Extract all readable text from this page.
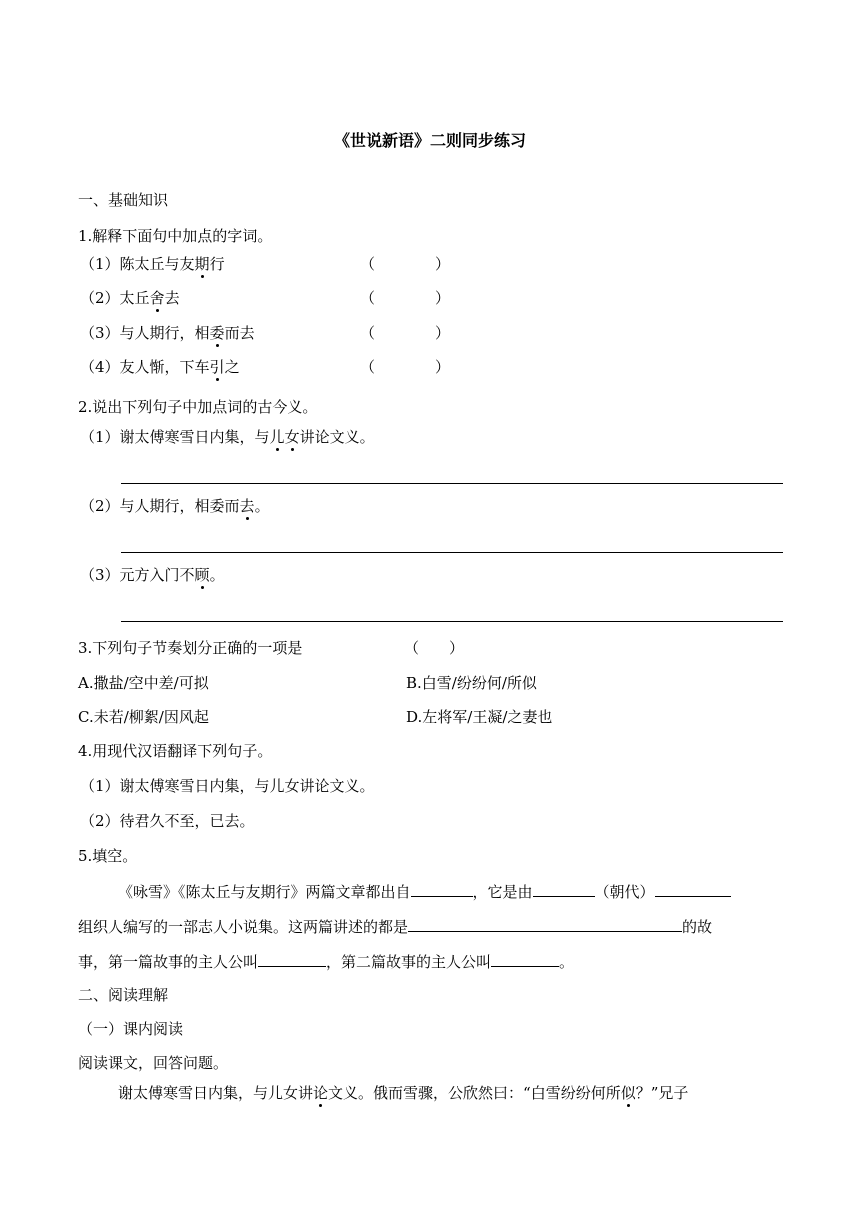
《世说新语》二则同步练习
一、基础知识
1.解释下面句中加点的字词。
（1）陈太丘与友期行	（　　　　）
（2）太丘舍去	（　　　　）
（3）与人期行，相委而去	（　　　　）
（4）友人惭，下车引之	（　　　　）
2.说出下列句子中加点词的古今义。
（1）谢太傅寒雪日内集，与儿女讲论文义。
（2）与人期行，相委而去。
（3）元方入门不顾。
3.下列句子节奏划分正确的一项是	（　　）
A.撒盐/空中差/可拟	B.白雪/纷纷何/所似
C.未若/柳絮/因风起	D.左将军/王凝/之妻也
4.用现代汉语翻译下列句子。
（1）谢太傅寒雪日内集，与儿女讲论文义。
（2）待君久不至，已去。
5.填空。
《咏雪》《陈太丘与友期行》两篇文章都出自	，它是由	（朝代）
组织人编写的一部志人小说集。这两篇讲述的都是	的故
事，第一篇故事的主人公叫	，第二篇故事的主人公叫	。
二、阅读理解
（一）课内阅读
阅读课文，回答问题。
谢太傅寒雪日内集，与儿女讲论文义。俄而雪骤，公欣然曰：“白雪纷纷何所似？”兄子
